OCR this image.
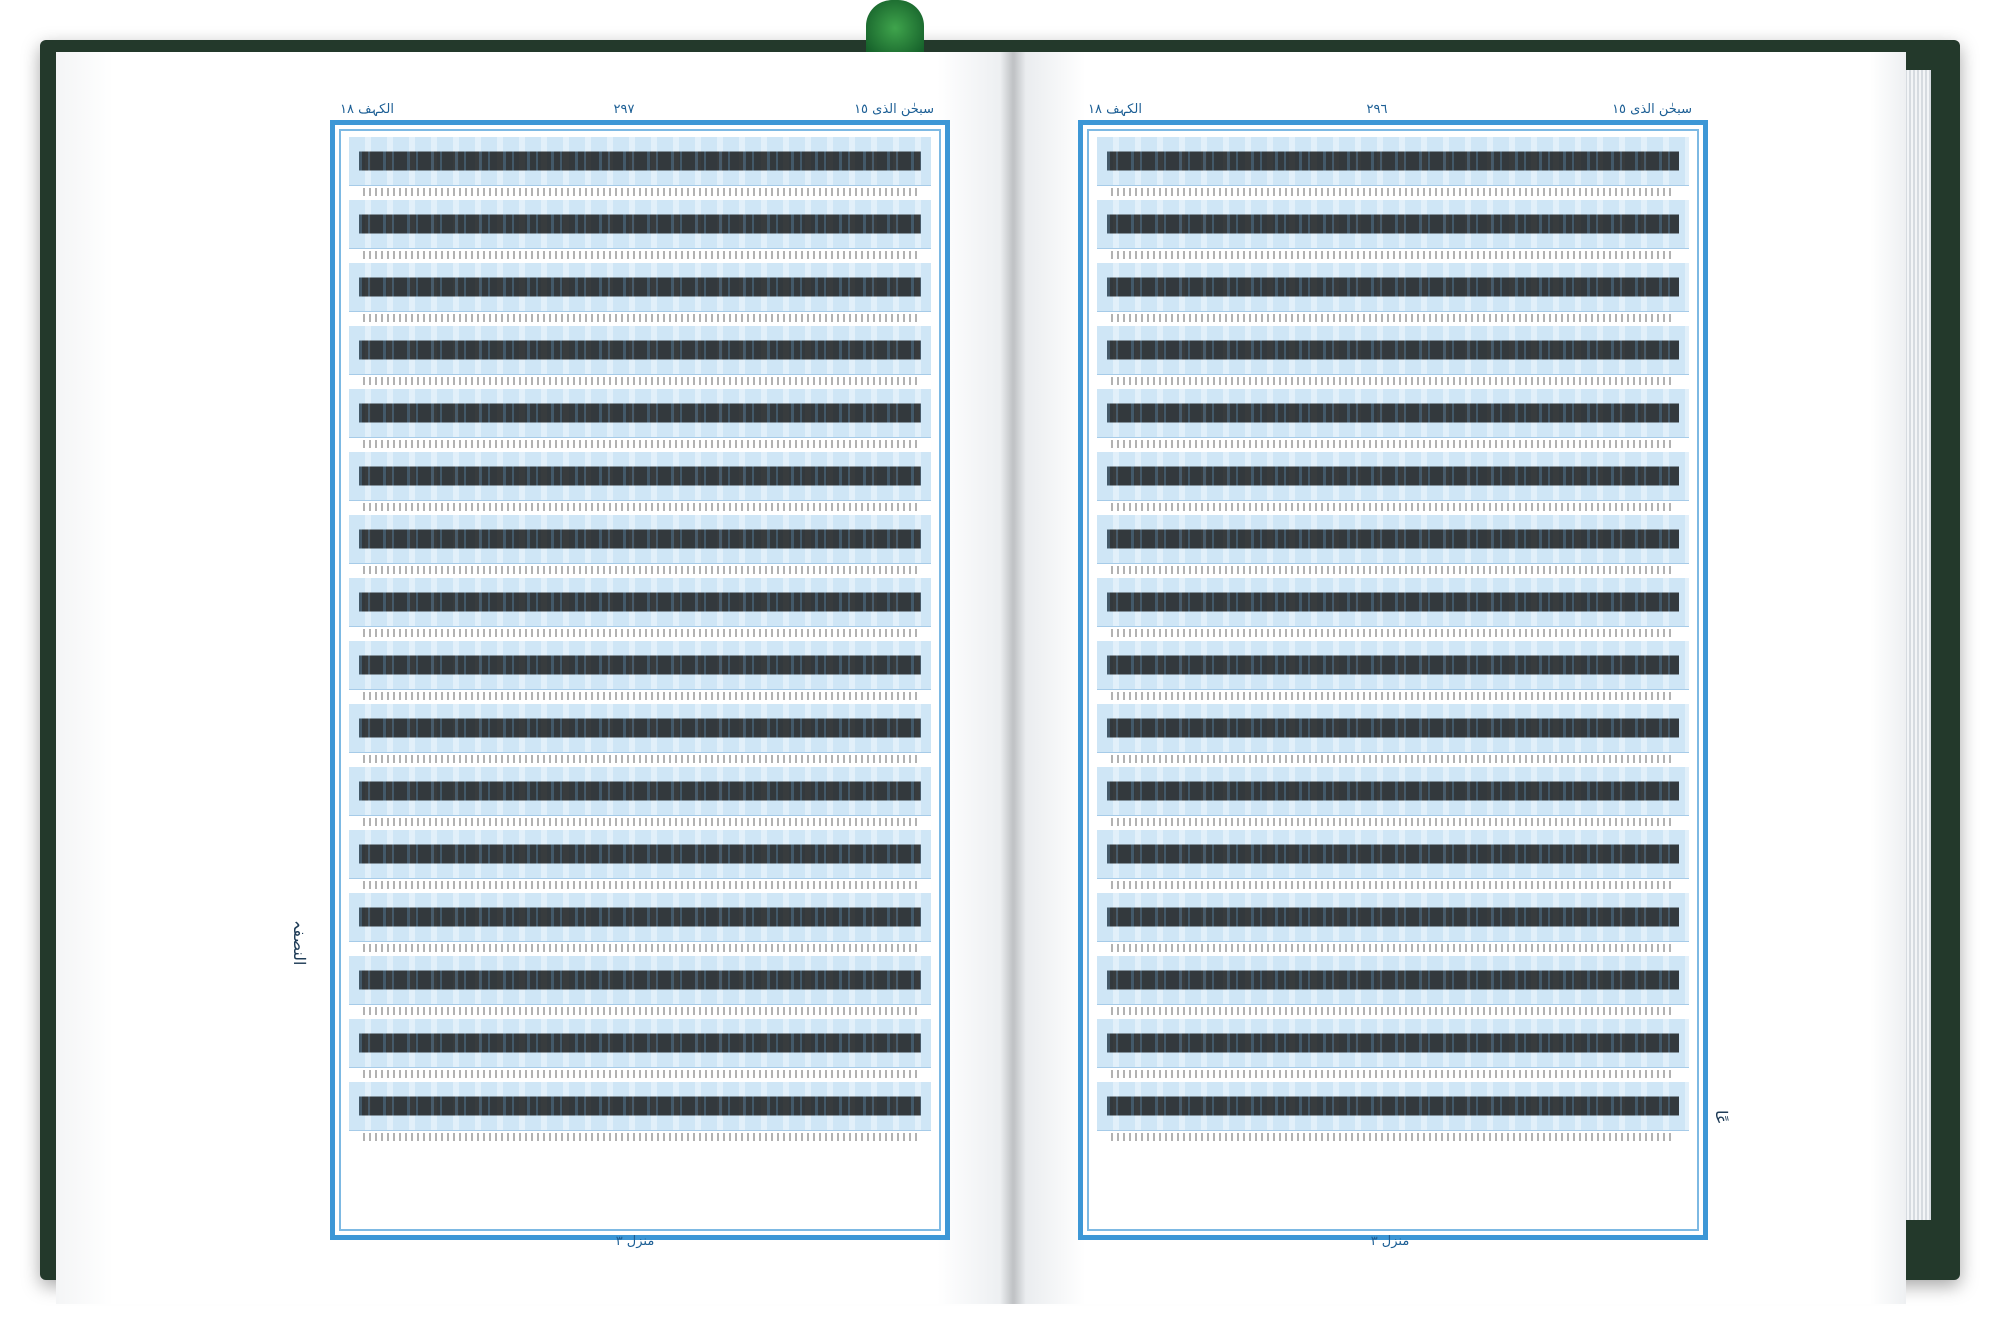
الکہف ١٨	٢٩٧	سبحٰن الذی ١٥
منزل ٣
النصفہ
الکہف ١٨	٢٩٦	سبحٰن الذی ١٥
منزل ٣
عًا
